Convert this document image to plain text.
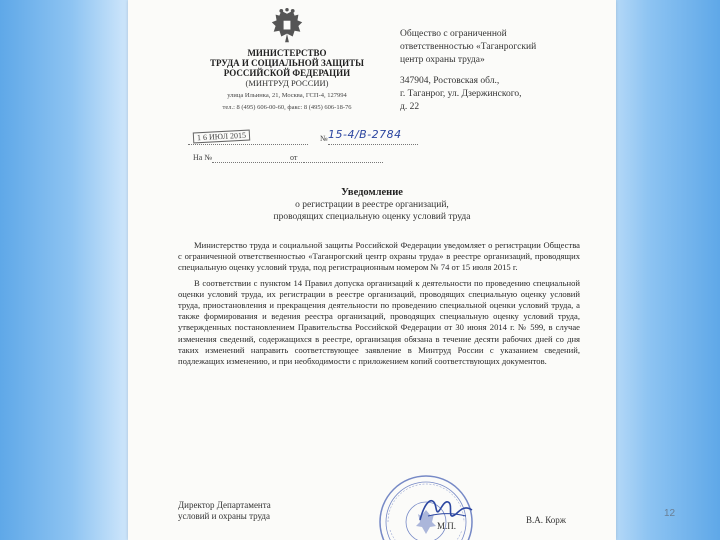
МИНИСТЕРСТВО
ТРУДА И СОЦИАЛЬНОЙ ЗАЩИТЫ
РОССИЙСКОЙ ФЕДЕРАЦИИ
(МИНТРУД РОССИИ)
улица Ильинка, 21, Москва, ГСП-4, 127994
тел.: 8 (495) 606-00-60, факс: 8 (495) 606-18-76
Общество с ограниченной
ответственностью «Таганрогский
центр охраны труда»
347904, Ростовская обл.,
г. Таганрог, ул. Дзержинского,
д. 22
1 6 ИЮЛ 2015	№ 15-4/В-2784
На №	от
Уведомление
о регистрации в реестре организаций,
проводящих специальную оценку условий труда

Министерство труда и социальной защиты Российской Федерации уведомляет о регистрации Общества с ограниченной ответственностью «Таганрогский центр охраны труда» в реестре организаций, проводящих специальную оценку условий труда, под регистрационным номером № 74 от 15 июля 2015 г.

В соответствии с пунктом 14 Правил допуска организаций к деятельности по проведению специальной оценки условий труда, их регистрации в реестре организаций, проводящих специальную оценку условий труда, приостановления и прекращения деятельности по проведению специальной оценки условий труда, а также формирования и ведения реестра организаций, проводящих специальную оценку условий труда, утвержденных постановлением Правительства Российской Федерации от 30 июня 2014 г. № 599, в случае изменения сведений, содержащихся в реестре, организация обязана в течение десяти рабочих дней со дня таких изменений направить соответствующее заявление в Минтруд России с указанием сведений, подлежащих изменению, и при необходимости с приложением копий соответствующих документов.

Директор Департамента
условий и охраны труда
М.П.
В.А. Корж
12
